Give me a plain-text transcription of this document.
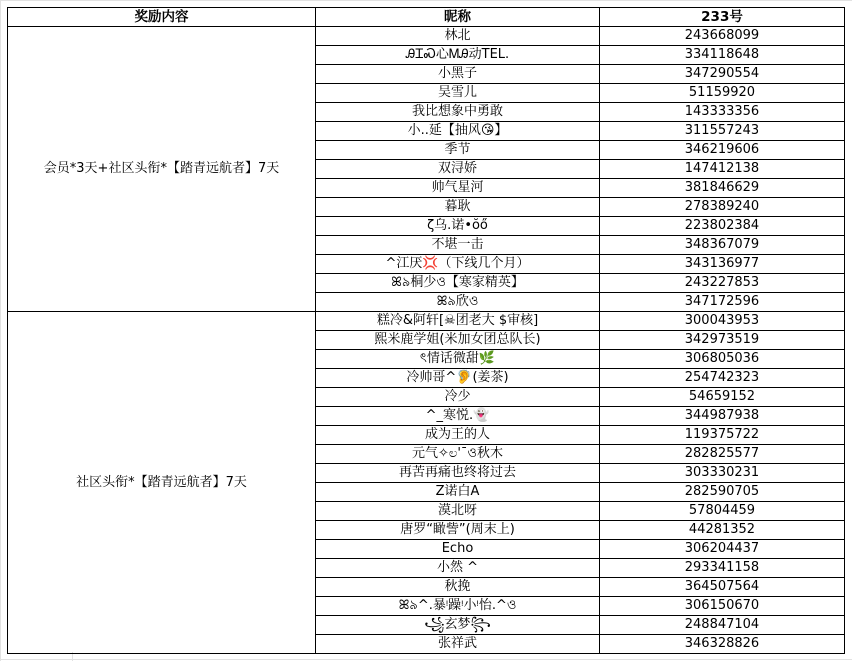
奖励内容	昵称	233号
会员*3天+社区头衔*【踏青远航者】7天	林北	243668099
	ᎯᏆᏍ心ᎷᎯ动TEL.	334118648
	小黑子	347290554
	吴雪儿	51159920
	我比想象中勇敢	143333356
	小..延【抽风😘】	311557243
	季节	346219606
	双浔娇	147412138
	帅气星河	381846629
	暮耿	278389240
	ζ乌.诺•ŏő	223802384
	不堪一击	348367079
	^江厌💢（下线几个月）	343136977
	ꕤ৯桐少ও【寒家精英】	243227853
	ꕤ৯欣ও	347172596
社区头衔*【踏青远航者】7天	糕冷&阿轩[☠团老大 $审核]	300043953
	熙米鹿学姐(米加女团总队长)	342973519
	ৎ情话微甜🌿	306805036
	冷帅哥^🦻(姜茶)	254742323
	冷少	54659152
	^_寒悦.👻	344987938
	成为王的人	119375722
	元气✧ಲ'¯ও秋木	282825577
	再苦再痛也终将过去	303330231
	Z诺白A	282590705
	漠北呀	57804459
	唐罗“瞰訾”(周末上)	44281352
	Echo	306204437
	小然 ^	293341158
	秋挽	364507564
	ꕤ৯^.暴ᵎ躁ᵎ小ᵎ怡.^ও	306150670
	꧁玄梦꧂	248847104
	张祥武	346328826
